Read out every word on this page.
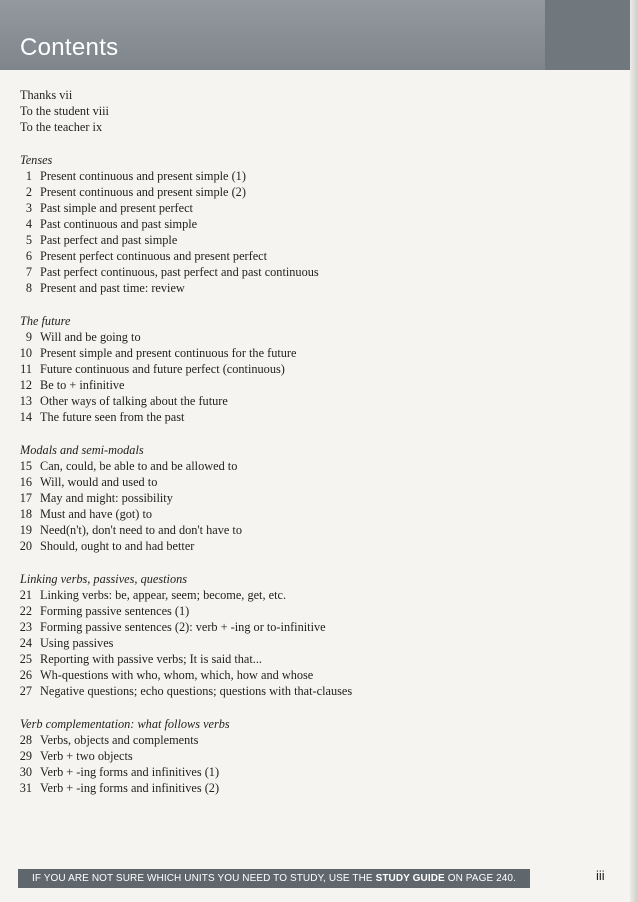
Contents
Thanks vii
To the student viii
To the teacher ix
Tenses
1 Present continuous and present simple (1)
2 Present continuous and present simple (2)
3 Past simple and present perfect
4 Past continuous and past simple
5 Past perfect and past simple
6 Present perfect continuous and present perfect
7 Past perfect continuous, past perfect and past continuous
8 Present and past time: review
The future
9 Will and be going to
10 Present simple and present continuous for the future
11 Future continuous and future perfect (continuous)
12 Be to + infinitive
13 Other ways of talking about the future
14 The future seen from the past
Modals and semi-modals
15 Can, could, be able to and be allowed to
16 Will, would and used to
17 May and might: possibility
18 Must and have (got) to
19 Need(n't), don't need to and don't have to
20 Should, ought to and had better
Linking verbs, passives, questions
21 Linking verbs: be, appear, seem; become, get, etc.
22 Forming passive sentences (1)
23 Forming passive sentences (2): verb + -ing or to-infinitive
24 Using passives
25 Reporting with passive verbs; It is said that...
26 Wh-questions with who, whom, which, how and whose
27 Negative questions; echo questions; questions with that-clauses
Verb complementation: what follows verbs
28 Verbs, objects and complements
29 Verb + two objects
30 Verb + -ing forms and infinitives (1)
31 Verb + -ing forms and infinitives (2)
IF YOU ARE NOT SURE WHICH UNITS YOU NEED TO STUDY, USE THE STUDY GUIDE ON PAGE 240.	iii
